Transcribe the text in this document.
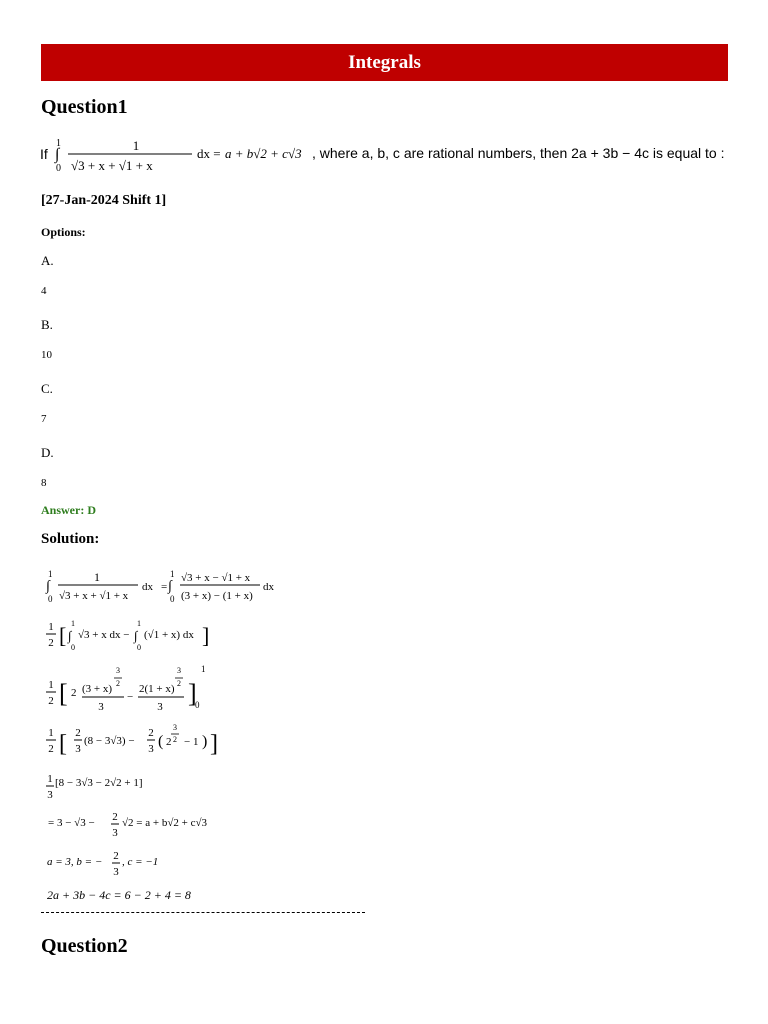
Integrals
Question1
If
1
∫
0
1
√3 + x + √1 + x
dx = a + b√2 + c√3 , where a, b, c are rational numbers, then 2a + 3b − 4c is equal to :
[27-Jan-2024 Shift 1]
Options:
A.
4
B.
10
C.
7
D.
8
Answer: D
Solution:
1
∫
0
1
√3 + x + √1 + x
dx =
1
∫
0
√3 + x − √1 + x
(3 + x) − (1 + x)
dx
1
2 [ 1
∫
0
√3 + x dx −
1
∫
0
(√1 + x) dx ]
1
2 [ 2 (3 + x)
3
2
3
−
2(1 + x)
3
2
3 ]
1
0
1
2 [ 2
3
(8 − 3√3) −
2
3 ( 2
3
2 − 1 ) ]
1
3
[8 − 3√3 − 2√2 + 1]
= 3 − √3 − 2
3
√2 = a + b√2 + c√3
a = 3, b = − 2
3
, c = −1
2a + 3b − 4c = 6 − 2 + 4 = 8
Question2
